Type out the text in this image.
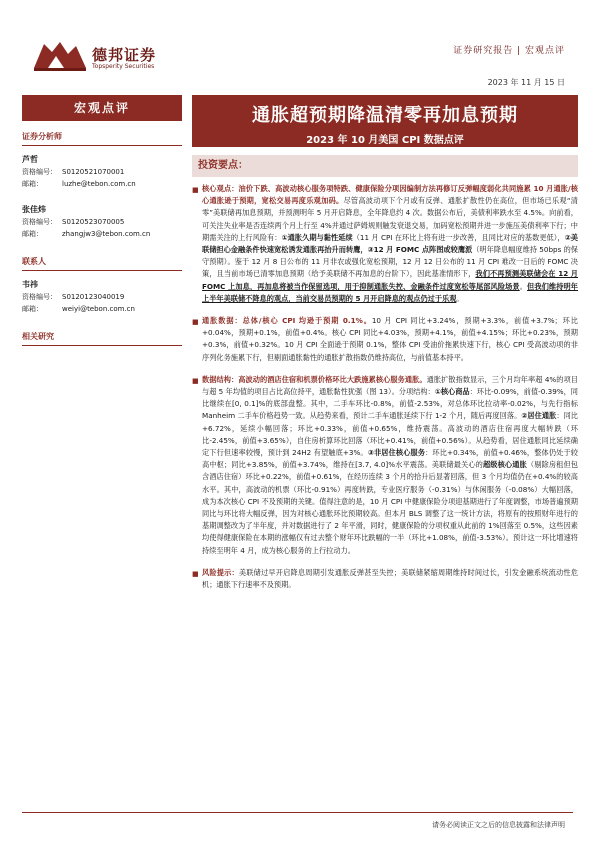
德邦证券
Topsperity Securities
证券研究报告 | 宏观点评
2023 年 11 月 15 日
宏观点评
证券分析师
芦哲
资格编号： S0120521070001
邮箱：	luzhe@tebon.com.cn
张佳炜
资格编号： S0120523070005
邮箱：	zhangjw3@tebon.com.cn
联系人
韦祎
资格编号： S0120123040019
邮箱：	weiyi@tebon.com.cn
相关研究
通胀超预期降温清零再加息预期
2023 年 10 月美国 CPI 数据点评
投资要点：
■ 核心观点：油价下跌、高波动核心服务项特跌、健康保险分项因编制方法再修订反弹幅度弱化共同施累 10 月通胀/核心通胀逊于预期，宽松交易再度乐观加码。尽管高波动项下个月或有反弹、通胀扩散性仍在高位，但市场已乐观“清零”美联储再加息预期，并预测明年 5 月开启降息，全年降息约 4 次。数据公布后，美债利率跌水至 4.5%。向前看，可关注失业率是否连续两个月上行至 4%并通过萨姆规则触发衰退交易，加码宽松预期并进一步施压美债利率下行；中期需关注的上行风险有：①通胀久期与黏性延续（11 月 CPI 在环比上将有进一步改善，且同比对应的基数更低），②美联储担心金融条件快速宽松诱发通胀再抬升而转鹰，③12 月 FOMC 点阵图或较鹰派（明年降息幅度维持 50bps 的保守预期）。鉴于 12 月 8 日公布的 11 月非农或强化宽松预期，12 月 12 日公布的 11 月 CPI 难改一日后的 FOMC 决策，且当前市场已清零加息预期（给予美联储不再加息的台阶下），因此基准情形下，我们不再预测美联储会在 12 月 FOMC 上加息，再加息将被当作保留选项，用于抑制通胀失控、金融条件过度宽松等尾部风险场景。但我们维持明年上半年美联储不降息的观点，当前交易员预期的 5 月开启降息的观点仍过于乐观。
■ 通胀数据：总体/核心 CPI 均逊于预期 0.1%。10 月 CPI 同比+3.24%，预期+3.3%，前值+3.7%；环比+0.04%，预期+0.1%，前值+0.4%。核心 CPI 同比+4.03%，预期+4.1%，前值+4.15%；环比+0.23%，预期+0.3%，前值+0.32%。10 月 CPI 全面逊于预期 0.1%，整体 CPI 受油价拖累快速下行，核心 CPI 受高波动项的非序列化务施累下行，但剔面通胀黏性的通胀扩散指数仍维持高位，与前值基本持平。
■ 数据结构：高波动的酒店住宿和机票价格环比大跌施累核心服务通胀。通胀扩散指数显示，三个月均年率超 4%的项目与超 5 年均值的项目占比高位持平，通胀黏性犹强（图 13）。分项结构：①核心商品：环比-0.09%，前值-0.39%，同比继续在[0, 0.1]%的底部盘整。其中，二手车环比-0.8%，前值-2.53%，对总体环比拉动率-0.02%，与先行指标 Manheim 二手车价格趋势一致。从趋势来看，预计二手车通胀延续下行 1-2 个月，随后再度回落。②居住通胀：同比+6.72%，延续小幅回落；环比+0.33%，前值+0.65%，维持震荡。高波动的酒店住宿再度大幅转跌（环比-2.45%，前值+3.65%），自住房析算环比回落（环比+0.41%，前值+0.56%）。从趋势看，居住通胀同比延续确定下行但速率较慢，预计到 24H2 有望触底+3%。③非居住核心服务：环比+0.34%，前值+0.46%，整体仍处于较高中枢；同比+3.85%，前值+3.74%，维持在[3.7, 4.0]%水平震荡。美联储最关心的超级核心通胀（剔除房租但包含酒店住宿）环比+0.22%，前值+0.61%，在经历连续 3 个月的拾升后显著回落，但 3 个月均值仍在+0.4%的较高水平。其中，高波动的机票（环比-0.91%）再度转跌，专业医疗服务（-0.31%）与休闲服务（-0.08%）大幅回落，成为本次核心 CPI 不及预期的关键。值得注意的是，10 月 CPI 中健康保险分项迎基期进行了年度调整，市场普遍预期同比与环比将大幅反弹，因为对核心通胀环比预期较高。但本月 BLS 调整了这一统计方法，将原有的按照财年进行的基期调整改为了半年度，并对数据进行了 2 年平滑，同时，健康保险的分项权重从此前的 1%回落至 0.5%，这些因素均使得健康保险在本期的涨幅仅有过去整个财年环比跌幅的一半（环比+1.08%，前值-3.53%）。预计这一环比增速将持续至明年 4 月，成为核心服务的上行拉动力。
■ 风险提示：美联储过早开启降息周期引发通胀反弹甚至失控；美联储紧缩周期维持时间过长，引发金融系统流动性危机；通胀下行速率不及预期。
请务必阅读正文之后的信息披露和法律声明
